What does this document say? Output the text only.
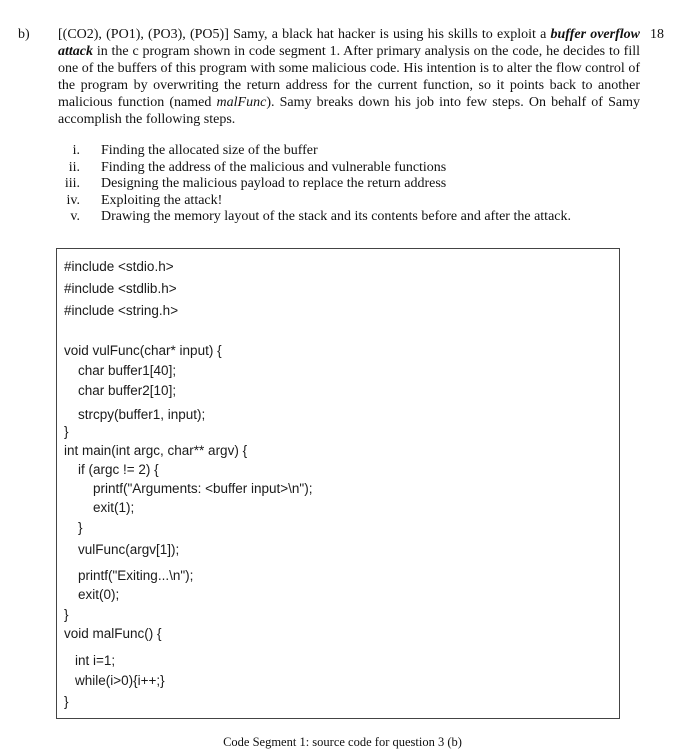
b)	18
[(CO2), (PO1), (PO3), (PO5)] Samy, a black hat hacker is using his skills to exploit a buffer overflow attack in the c program shown in code segment 1. After primary analysis on the code, he decides to fill one of the buffers of this program with some malicious code. His intention is to alter the flow control of the program by overwriting the return address for the current function, so it points back to another malicious function (named malFunc). Samy breaks down his job into few steps. On behalf of Samy accomplish the following steps.
i. Finding the allocated size of the buffer
ii. Finding the address of the malicious and vulnerable functions
iii. Designing the malicious payload to replace the return address
iv. Exploiting the attack!
v. Drawing the memory layout of the stack and its contents before and after the attack.
#include <stdio.h>
#include <stdlib.h>
#include <string.h>
void vulFunc(char* input) {
char buffer1[40];
char buffer2[10];
strcpy(buffer1, input);
}
int main(int argc, char** argv) {
if (argc != 2) {
printf("Arguments: <buffer input>\n");
exit(1);
}
vulFunc(argv[1]);
printf("Exiting...\n");
exit(0);
}
void malFunc() {
int i=1;
while(i>0){i++;}
}
Code Segment 1: source code for question 3 (b)
